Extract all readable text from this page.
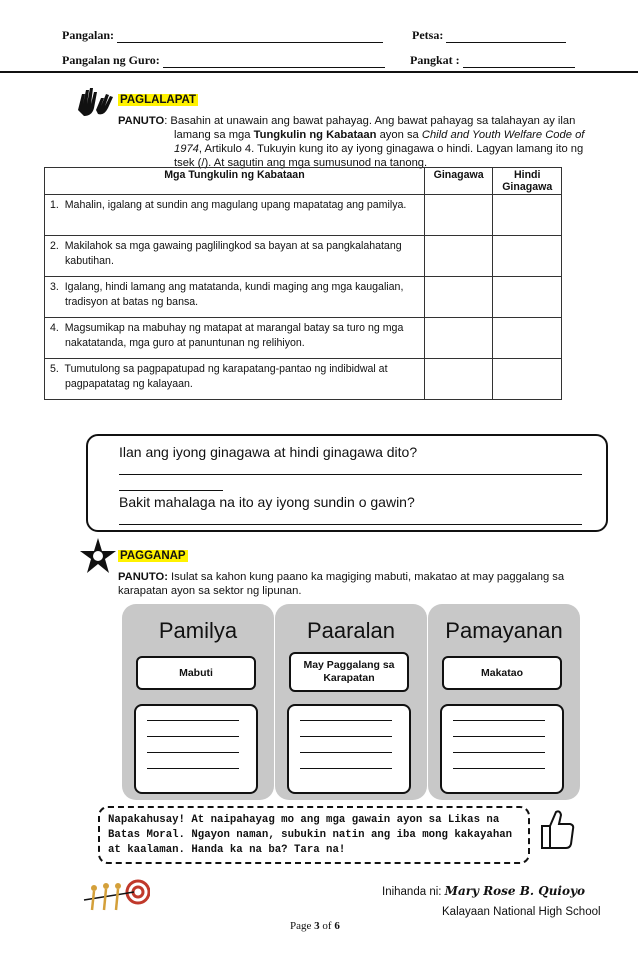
Pangalan:	Petsa:
Pangalan ng Guro:	Pangkat :
PAGLALAPAT
PANUTO: Basahin at unawain ang bawat pahayag. Ang bawat pahayag sa talahayan ay ilan
lamang sa mga Tungkulin ng Kabataan ayon sa Child and Youth Welfare Code of 1974, Artikulo 4. Tukuyin kung ito ay iyong ginagawa o hindi. Lagyan lamang ito ng tsek (/). At sagutin ang mga sumusunod na tanong.
Mga Tungkulin ng Kabataan	Ginagawa	Hindi Ginagawa
1. Mahalin, igalang at sundin ang magulang upang mapatatag ang pamilya.		
2. Makilahok sa mga gawaing paglilingkod sa bayan at sa pangkalahatang kabutihan.		
3. Igalang, hindi lamang ang matatanda, kundi maging ang mga kaugalian, tradisyon at batas ng bansa.		
4. Magsumikap na mabuhay ng matapat at marangal batay sa turo ng mga nakatatanda, mga guro at panuntunan ng relihiyon.		
5. Tumutulong sa pagpapatupad ng karapatang-pantao ng indibidwal at pagpapatatag ng kalayaan.		
Ilan ang iyong ginagawa at hindi ginagawa dito?
Bakit mahalaga na ito ay iyong sundin o gawin?
PAGGANAP
PANUTO: Isulat sa kahon kung paano ka magiging mabuti, makatao at may paggalang sa karapatan ayon sa sektor ng lipunan.
Pamilya
Mabuti
Paaralan
May Paggalang sa Karapatan
Pamayanan
Makatao
Napakahusay! At naipahayag mo ang mga gawain ayon sa Likas na Batas Moral. Ngayon naman, subukin natin ang iba mong kakayahan at kaalaman. Handa ka na ba? Tara na!
Inihanda ni: Mary Rose B. Quioyo
Kalayaan National High School
Page 3 of 6
